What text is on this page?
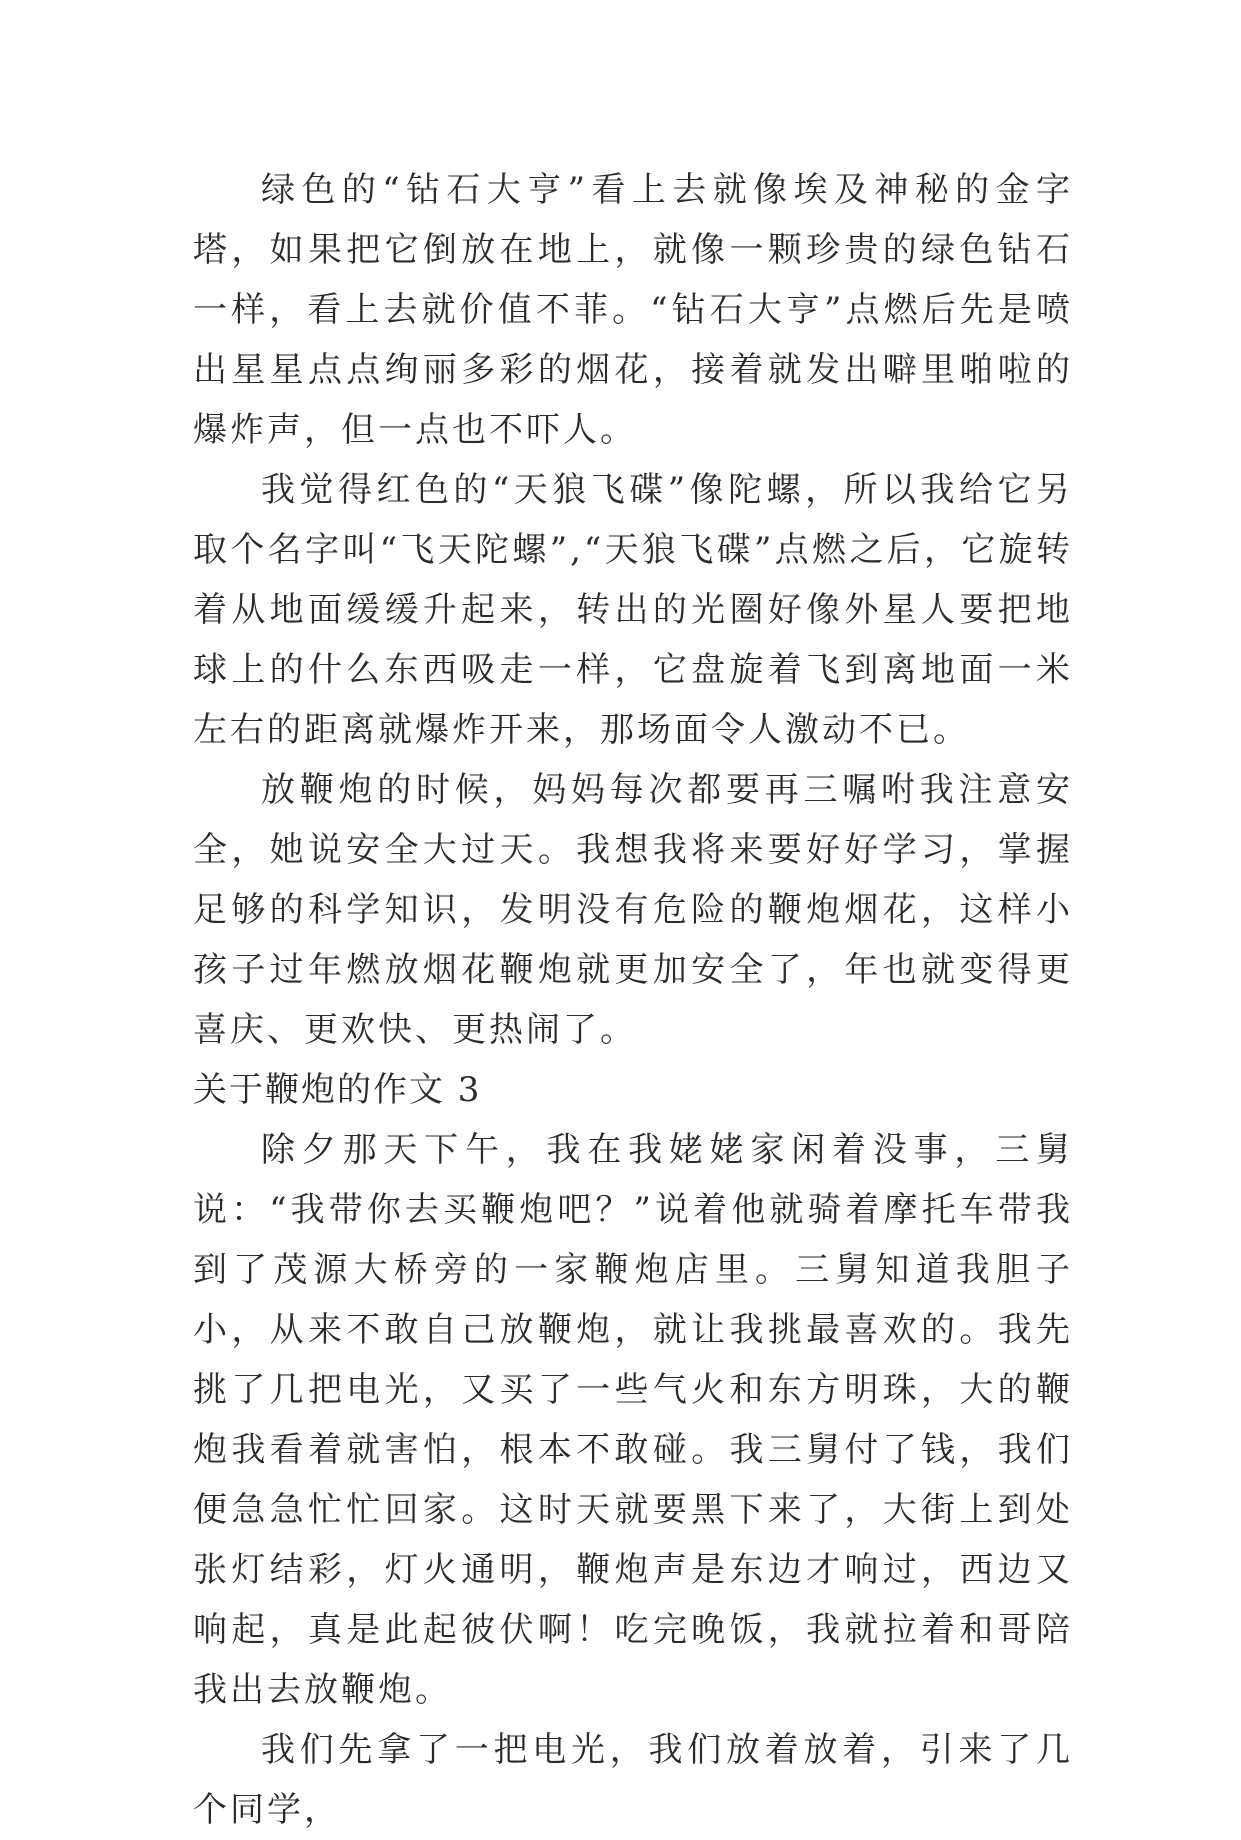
绿色的“钻石大亨”看上去就像埃及神秘的金字塔，如果把它倒放在地上，就像一颗珍贵的绿色钻石一样，看上去就价值不菲。“钻石大亨”点燃后先是喷出星星点点绚丽多彩的烟花，接着就发出噼里啪啦的爆炸声，但一点也不吓人。

我觉得红色的“天狼飞碟”像陀螺，所以我给它另取个名字叫“飞天陀螺”,“天狼飞碟”点燃之后，它旋转着从地面缓缓升起来，转出的光圈好像外星人要把地球上的什么东西吸走一样，它盘旋着飞到离地面一米左右的距离就爆炸开来，那场面令人激动不已。

放鞭炮的时候，妈妈每次都要再三嘱咐我注意安全，她说安全大过天。我想我将来要好好学习，掌握足够的科学知识，发明没有危险的鞭炮烟花，这样小孩子过年燃放烟花鞭炮就更加安全了，年也就变得更喜庆、更欢快、更热闹了。

关于鞭炮的作文 3

除夕那天下午，我在我姥姥家闲着没事，三舅说：“我带你去买鞭炮吧？”说着他就骑着摩托车带我到了茂源大桥旁的一家鞭炮店里。三舅知道我胆子小，从来不敢自己放鞭炮，就让我挑最喜欢的。我先挑了几把电光，又买了一些气火和东方明珠，大的鞭炮我看着就害怕，根本不敢碰。我三舅付了钱，我们便急急忙忙回家。这时天就要黑下来了，大街上到处张灯结彩，灯火通明，鞭炮声是东边才响过，西边又响起，真是此起彼伏啊！吃完晚饭，我就拉着和哥陪我出去放鞭炮。

我们先拿了一把电光，我们放着放着，引来了几个同学，
